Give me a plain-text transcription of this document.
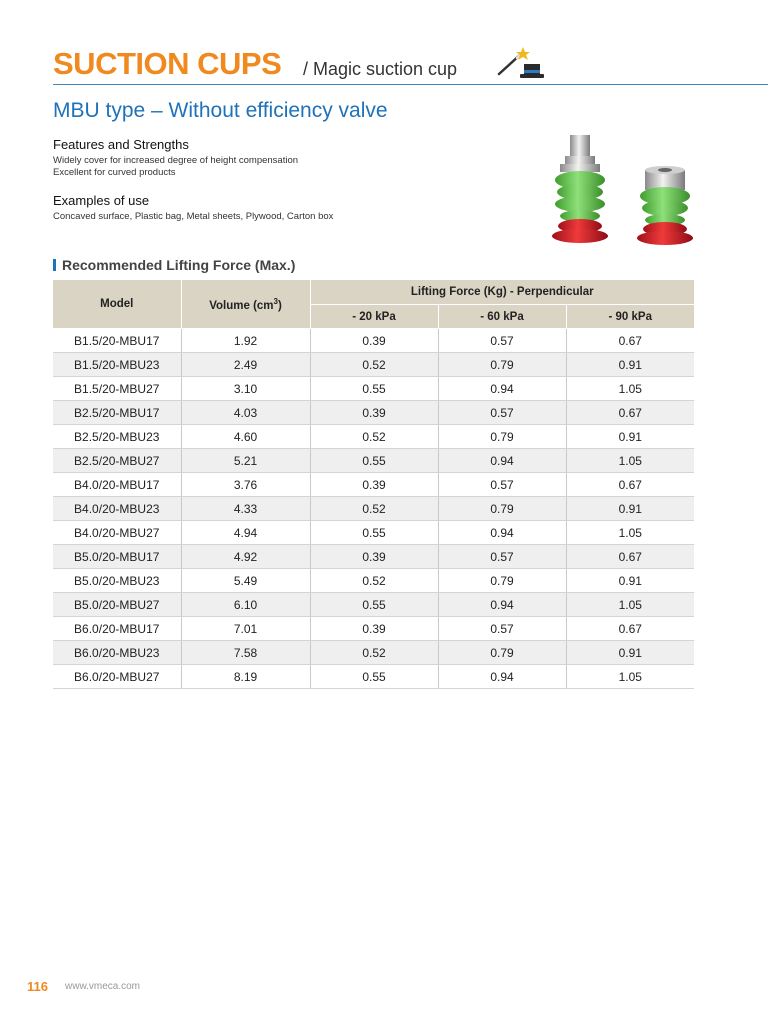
SUCTION CUPS / Magic suction cup
MBU type – Without efficiency valve
Features and Strengths
Widely cover for increased degree of height compensation
Excellent for curved products
Examples of use
Concaved surface, Plastic bag, Metal sheets, Plywood, Carton box
Recommended Lifting Force (Max.)
Model	Volume $(cm^3)$	Lifting Force (Kg) - Perpendicular		
		- 20 kPa	- 60 kPa	- 90 kPa
B1.5/20-MBU17	1.92	0.39	0.57	0.67
B1.5/20-MBU23	2.49	0.52	0.79	0.91
B1.5/20-MBU27	3.10	0.55	0.94	1.05
B2.5/20-MBU17	4.03	0.39	0.57	0.67
B2.5/20-MBU23	4.60	0.52	0.79	0.91
B2.5/20-MBU27	5.21	0.55	0.94	1.05
B4.0/20-MBU17	3.76	0.39	0.57	0.67
B4.0/20-MBU23	4.33	0.52	0.79	0.91
B4.0/20-MBU27	4.94	0.55	0.94	1.05
B5.0/20-MBU17	4.92	0.39	0.57	0.67
B5.0/20-MBU23	5.49	0.52	0.79	0.91
B5.0/20-MBU27	6.10	0.55	0.94	1.05
B6.0/20-MBU17	7.01	0.39	0.57	0.67
B6.0/20-MBU23	7.58	0.52	0.79	0.91
B6.0/20-MBU27	8.19	0.55	0.94	1.05
116 www.vmeca.com
